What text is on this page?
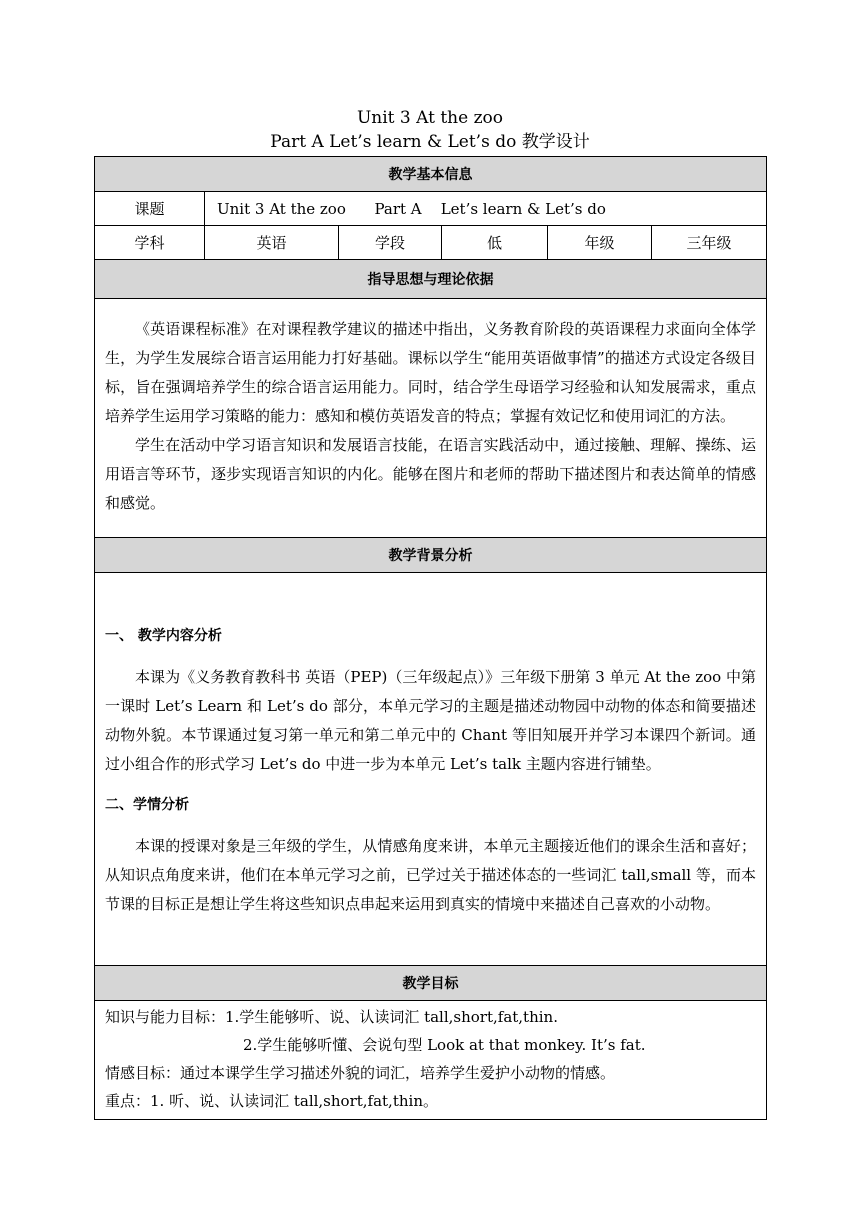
Unit 3 At the zoo
Part A Let’s learn & Let’s do 教学设计
教学基本信息					
课题	Unit 3 At the zoo      Part A    Let’s learn & Let’s do				
学科	英语	学段	低	年级	三年级
指导思想与理论依据					

《英语课程标准》在对课程教学建议的描述中指出，义务教育阶段的英语课程力求面向全体学生，为学生发展综合语言运用能力打好基础。课标以学生“能用英语做事情”的描述方式设定各级目标，旨在强调培养学生的综合语言运用能力。同时，结合学生母语学习经验和认知发展需求，重点培养学生运用学习策略的能力：感知和模仿英语发音的特点；掌握有效记忆和使用词汇的方法。

学生在活动中学习语言知识和发展语言技能，在语言实践活动中，通过接触、理解、操练、运用语言等环节，逐步实现语言知识的内化。能够在图片和老师的帮助下描述图片和表达简单的情感和感觉。					

教学背景分析					

一、 教学内容分析

本课为《义务教育教科书 英语（PEP)（三年级起点）》三年级下册第 3 单元 At the zoo 中第一课时 Let’s Learn 和 Let’s do 部分，本单元学习的主题是描述动物园中动物的体态和简要描述动物外貌。本节课通过复习第一单元和第二单元中的 Chant 等旧知展开并学习本课四个新词。通过小组合作的形式学习 Let’s do 中进一步为本单元 Let’s talk 主题内容进行铺垫。

二、学情分析

本课的授课对象是三年级的学生，从情感角度来讲，本单元主题接近他们的课余生活和喜好；从知识点角度来讲，他们在本单元学习之前，已学过关于描述体态的一些词汇 tall,small 等，而本节课的目标正是想让学生将这些知识点串起来运用到真实的情境中来描述自己喜欢的小动物。					

教学目标					

知识与能力目标：1.学生能够听、说、认读词汇 tall,short,fat,thin.

2.学生能够听懂、会说句型 Look at that monkey. It’s fat.

情感目标：通过本课学生学习描述外貌的词汇，培养学生爱护小动物的情感。

重点：1. 听、说、认读词汇 tall,short,fat,thin。					
